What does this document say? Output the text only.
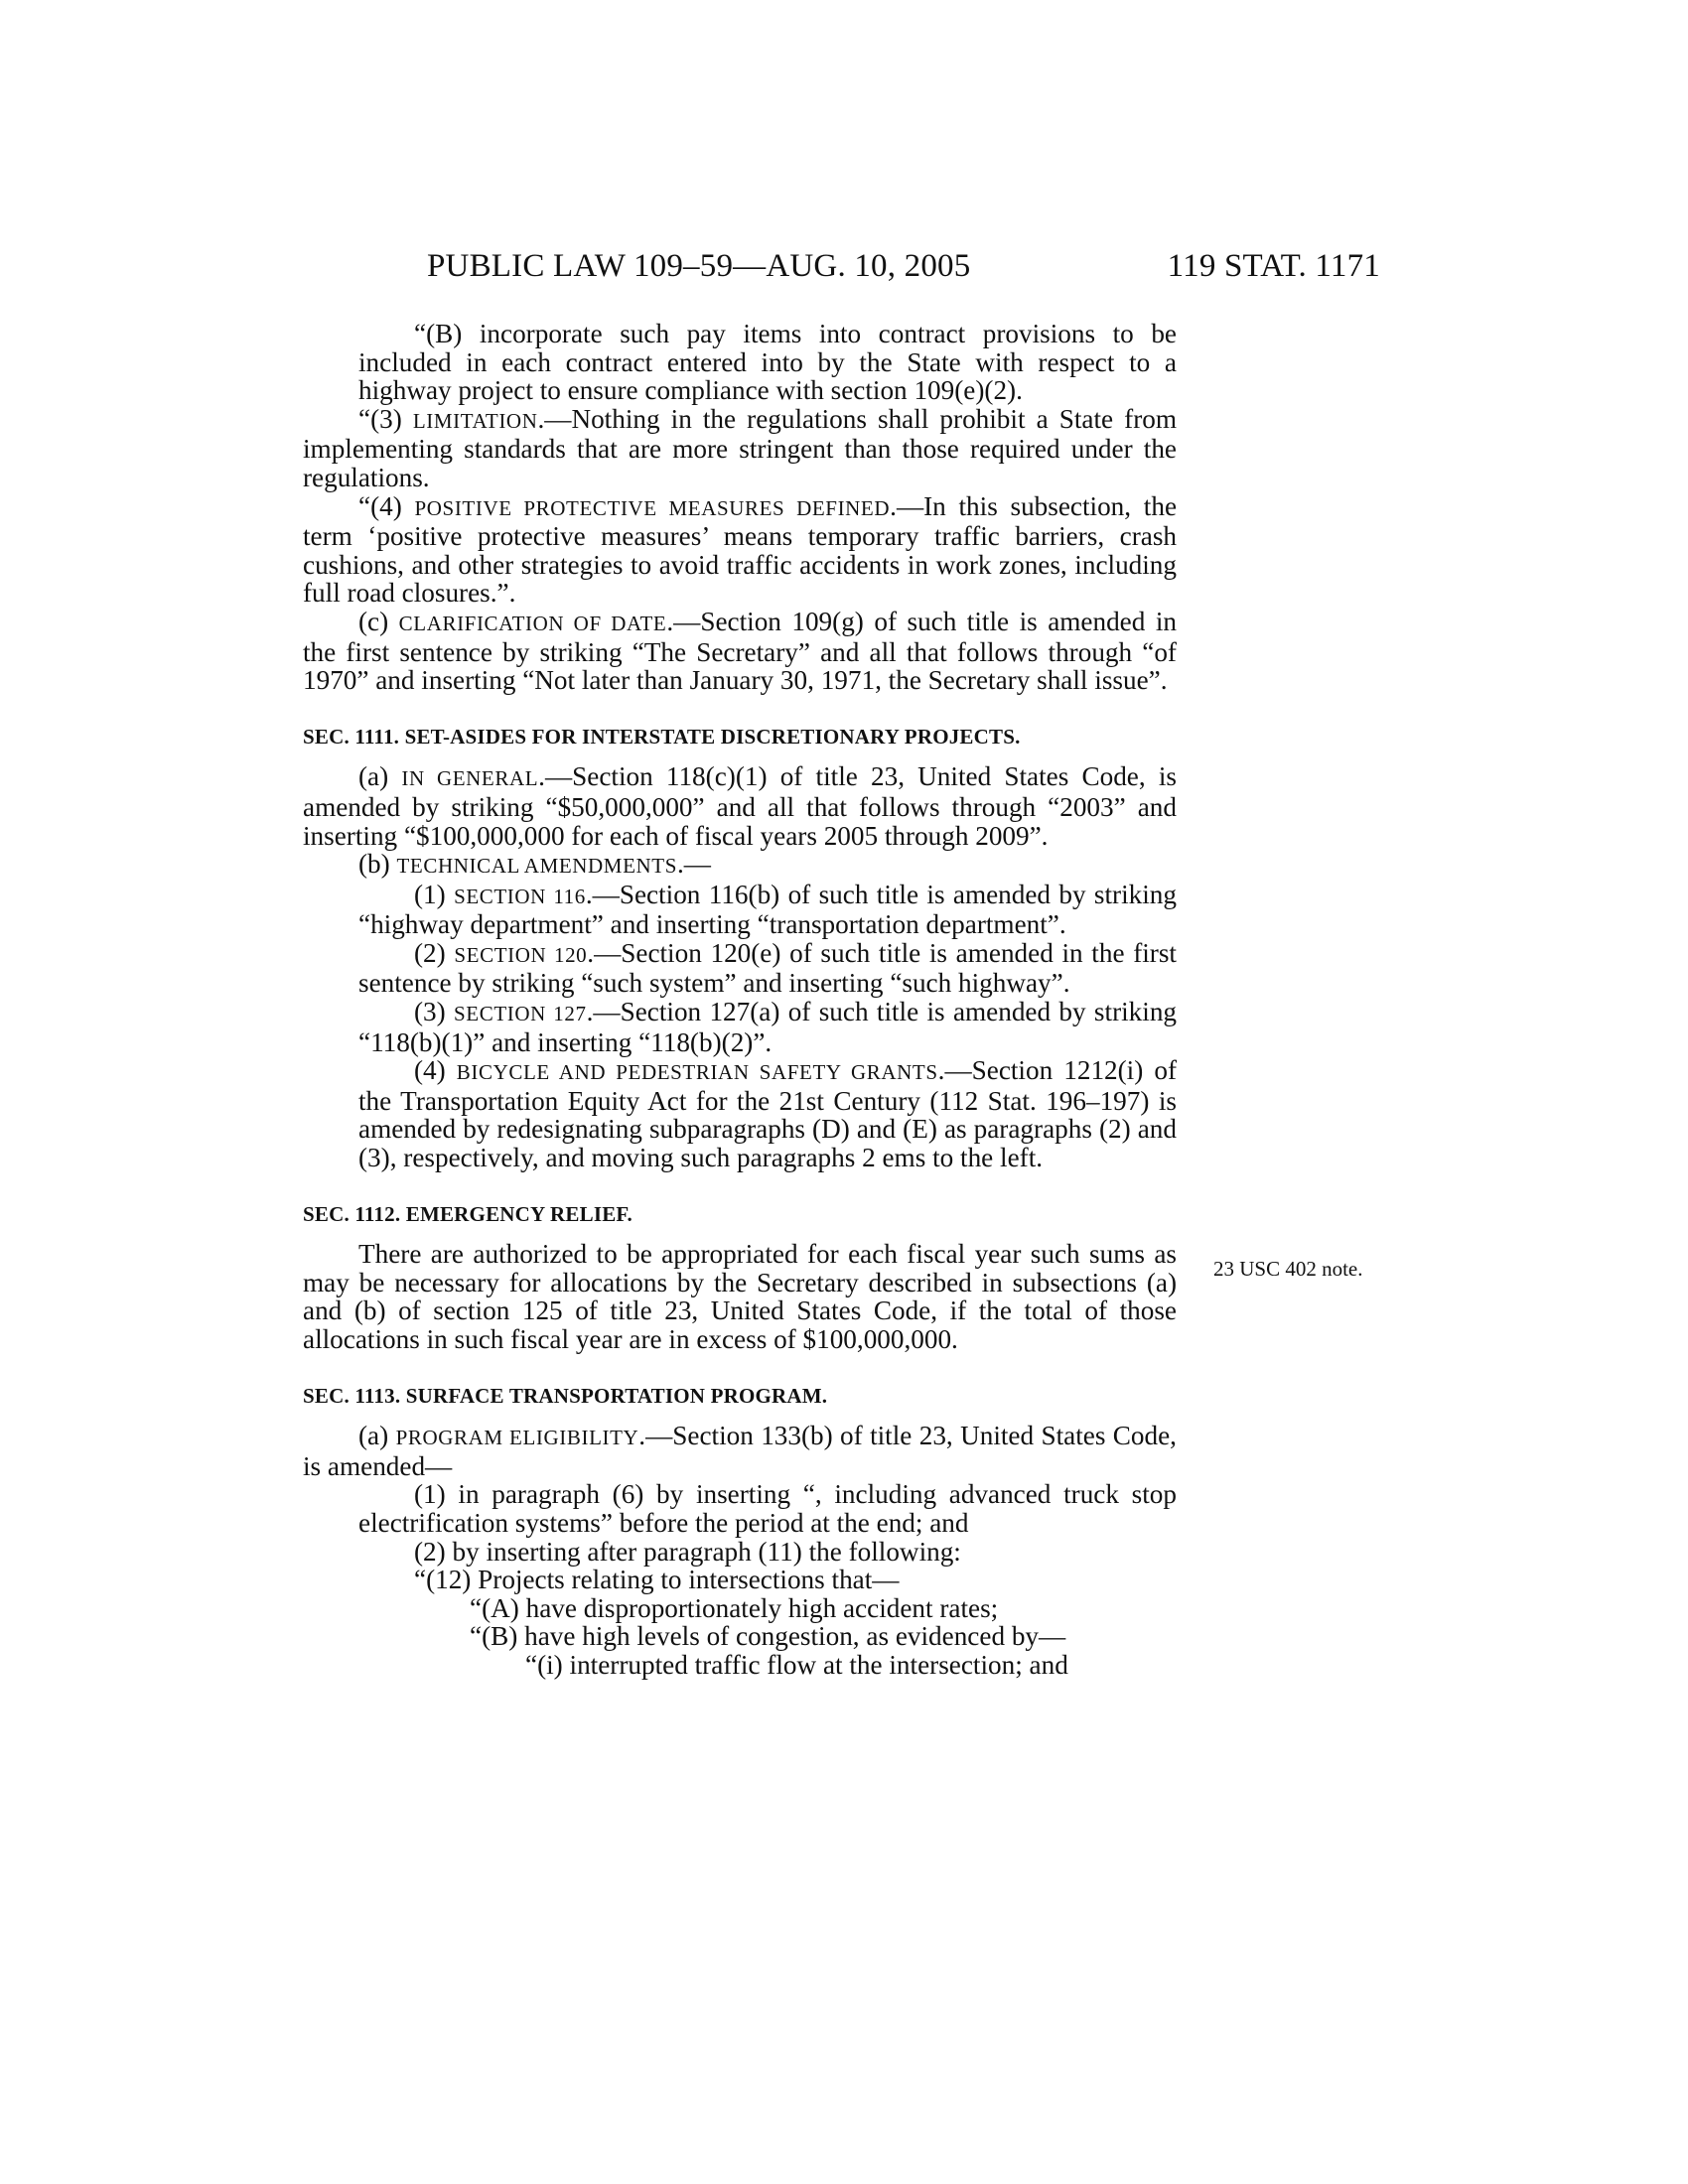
PUBLIC LAW 109–59—AUG. 10, 2005	119 STAT. 1171
23 USC 402 note.

“(B) incorporate such pay items into contract provisions to be included in each contract entered into by the State with respect to a highway project to ensure compliance with section 109(e)(2).

“(3) LIMITATION.—Nothing in the regulations shall prohibit a State from implementing standards that are more stringent than those required under the regulations.

“(4) POSITIVE PROTECTIVE MEASURES DEFINED.—In this subsection, the term ‘positive protective measures’ means temporary traffic barriers, crash cushions, and other strategies to avoid traffic accidents in work zones, including full road closures.”.

(c) CLARIFICATION OF DATE.—Section 109(g) of such title is amended in the first sentence by striking “The Secretary” and all that follows through “of 1970” and inserting “Not later than January 30, 1971, the Secretary shall issue”.

SEC. 1111. SET-ASIDES FOR INTERSTATE DISCRETIONARY PROJECTS.

(a) IN GENERAL.—Section 118(c)(1) of title 23, United States Code, is amended by striking “$50,000,000” and all that follows through “2003” and inserting “$100,000,000 for each of fiscal years 2005 through 2009”.

(b) TECHNICAL AMENDMENTS.—

(1) SECTION 116.—Section 116(b) of such title is amended by striking “highway department” and inserting “transportation department”.

(2) SECTION 120.—Section 120(e) of such title is amended in the first sentence by striking “such system” and inserting “such highway”.

(3) SECTION 127.—Section 127(a) of such title is amended by striking “118(b)(1)” and inserting “118(b)(2)”.

(4) BICYCLE AND PEDESTRIAN SAFETY GRANTS.—Section 1212(i) of the Transportation Equity Act for the 21st Century (112 Stat. 196–197) is amended by redesignating subparagraphs (D) and (E) as paragraphs (2) and (3), respectively, and moving such paragraphs 2 ems to the left.

SEC. 1112. EMERGENCY RELIEF.

There are authorized to be appropriated for each fiscal year such sums as may be necessary for allocations by the Secretary described in subsections (a) and (b) of section 125 of title 23, United States Code, if the total of those allocations in such fiscal year are in excess of $100,000,000.

SEC. 1113. SURFACE TRANSPORTATION PROGRAM.

(a) PROGRAM ELIGIBILITY.—Section 133(b) of title 23, United States Code, is amended—

(1) in paragraph (6) by inserting “, including advanced truck stop electrification systems” before the period at the end; and

(2) by inserting after paragraph (11) the following:

“(12) Projects relating to intersections that—

“(A) have disproportionately high accident rates;

“(B) have high levels of congestion, as evidenced by—

“(i) interrupted traffic flow at the intersection; and
